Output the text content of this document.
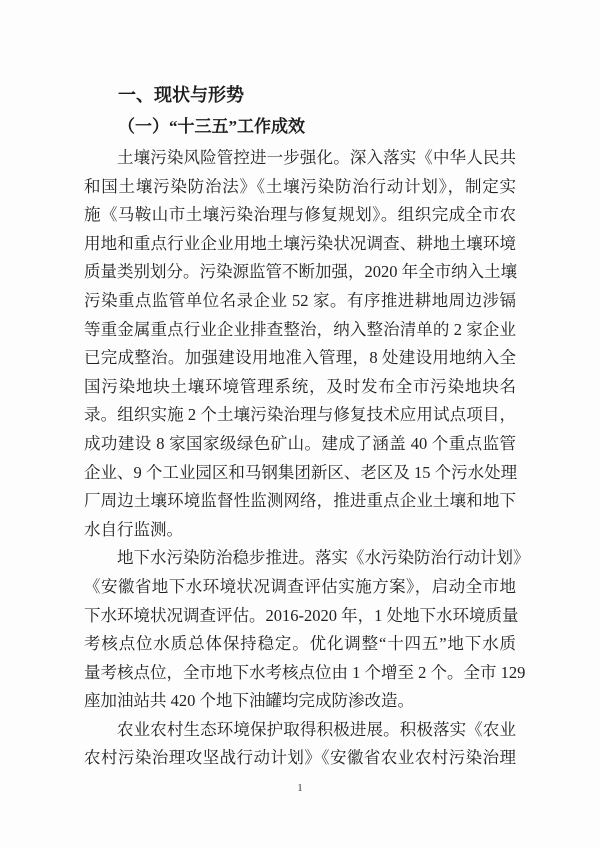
一、现状与形势
（一）“十三五”工作成效
土壤污染风险管控进一步强化。深入落实《中华人民共
和国土壤污染防治法》《土壤污染防治行动计划》，制定实
施《马鞍山市土壤污染治理与修复规划》。组织完成全市农
用地和重点行业企业用地土壤污染状况调查、耕地土壤环境
质量类别划分。污染源监管不断加强，2020 年全市纳入土壤
污染重点监管单位名录企业 52 家。有序推进耕地周边涉镉
等重金属重点行业企业排查整治，纳入整治清单的 2 家企业
已完成整治。加强建设用地准入管理，8 处建设用地纳入全
国污染地块土壤环境管理系统，及时发布全市污染地块名
录。组织实施 2 个土壤污染治理与修复技术应用试点项目，
成功建设 8 家国家级绿色矿山。建成了涵盖 40 个重点监管
企业、9 个工业园区和马钢集团新区、老区及 15 个污水处理
厂周边土壤环境监督性监测网络，推进重点企业土壤和地下
水自行监测。
地下水污染防治稳步推进。落实《水污染防治行动计划》
《安徽省地下水环境状况调查评估实施方案》，启动全市地
下水环境状况调查评估。2016-2020 年，1 处地下水环境质量
考核点位水质总体保持稳定。优化调整“十四五”地下水质
量考核点位，全市地下水考核点位由 1 个增至 2 个。全市 129
座加油站共 420 个地下油罐均完成防渗改造。
农业农村生态环境保护取得积极进展。积极落实《农业
农村污染治理攻坚战行动计划》《安徽省农业农村污染治理
1
